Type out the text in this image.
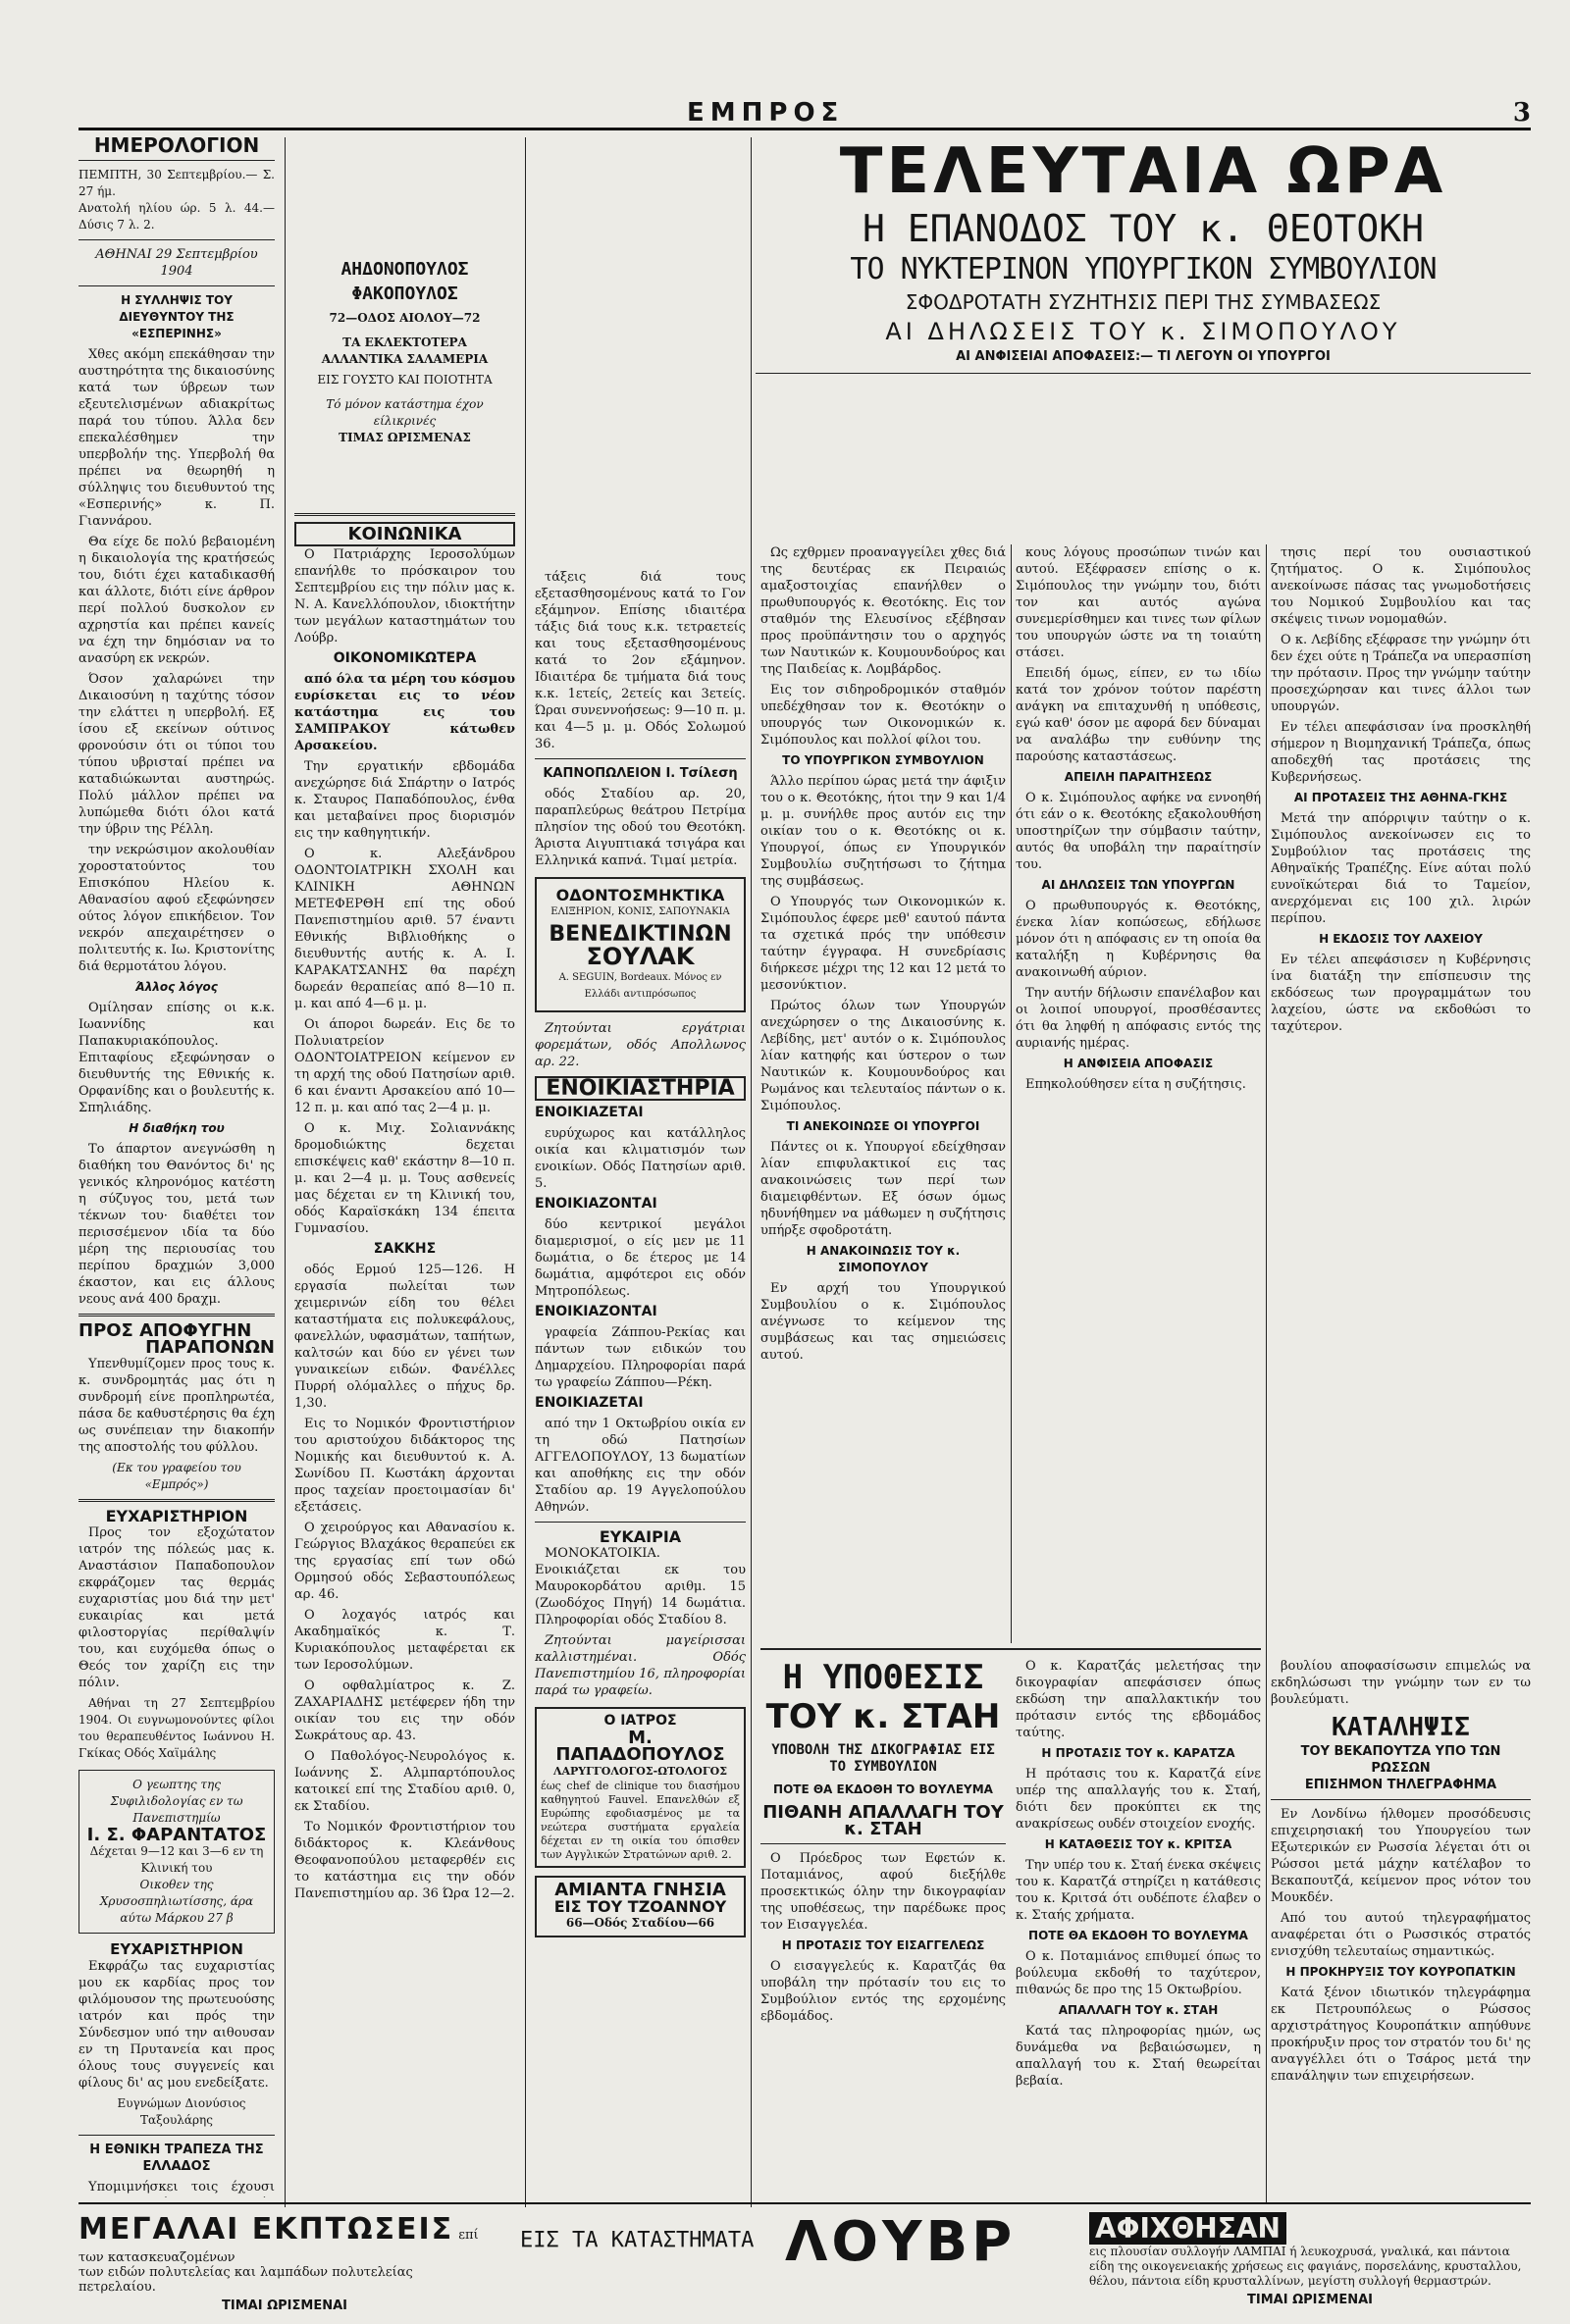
ΕΜΠΡΟΣ	3
ΗΜΕΡΟΛΟΓΙΟΝ
ΠΕΜΠΤΗ, 30 Σεπτεμβρίου.— Σ. 27 ήμ.
Ανατολή ηλίου ώρ. 5 λ. 44.— Δύσις 7 λ. 2.
ΑΘΗΝΑΙ 29 Σεπτεμβρίου 1904
Η ΣΥΛΛΗΨΙΣ ΤΟΥ ΔΙΕΥΘΥΝΤΟΥ ΤΗΣ «ΕΣΠΕΡΙΝΗΣ»

Χθες ακόμη επεκάθησαν την αυστηρότητα της δικαιοσύνης κατά των ύβρεων των εξευτελισμένων αδιακρίτως παρά του τύπου. Άλλα δεν επεκαλέσθημεν την υπερβολήν της. Υπερβολή θα πρέπει να θεωρηθή η σύλληψις του διευθυντού της «Εσπερινής» κ. Π. Γιαννάρου.

Θα είχε δε πολύ βεβαιομένη η δικαιολογία της κρατήσεώς του, διότι έχει καταδικασθή και άλλοτε, διότι είνε άρθρον περί πολλού δυσκολον εν αχρηστία και πρέπει κανείς να έχη την δημόσιαν να το ανασύρη εκ νεκρών.

Όσον χαλαρώνει την Δικαιοσύνη η ταχύτης τόσον την ελάττει η υπερβολή. Εξ ίσου εξ εκείνων ούτινος φρονούσιν ότι οι τύποι του τύπου υβρισταί πρέπει να καταδιώκωνται αυστηρώς. Πολύ μάλλον πρέπει να λυπώμεθα διότι όλοι κατά την ύβριν της Ρέλλη.

την νεκρώσιμον ακολουθίαν χοροστατούντος του Επισκόπου Ηλείου κ. Αθανασίου αφού εξεφώνησεν ούτος λόγον επικήδειον. Τον νεκρόν απεχαιρέτησεν ο πολιτευτής κ. Ιω. Κριστονίτης διά θερμοτάτου λόγου.

Άλλος λόγος

Ομίλησαν επίσης οι κ.κ. Ιωαννίδης και Παπακυριακόπουλος. Επιταφίους εξεφώνησαν ο διευθυντής της Εθνικής κ. Ορφανίδης και ο βουλευτής κ. Σπηλιάδης.

Η διαθήκη του

Το άπαρτον ανεγνώσθη η διαθήκη του Θανόντος δι' ης γενικός κληρονόμος κατέστη η σύζυγος του, μετά των τέκνων του· διαθέτει τον περισσέμενον ιδία τα δύο μέρη της περιουσίας του περίπου δραχμών 3,000 έκαστον, και εις άλλους νεους ανά 400 δραχμ.

ΠΡΟΣ ΑΠΟΦΥΓΗΝ
ΠΑΡΑΠΟΝΩΝ

Υπενθυμίζομεν προς τους κ. κ. συνδρομητάς μας ότι η συνδρομή είνε προπληρωτέα, πάσα δε καθυστέρησις θα έχη ως συνέπειαν την διακοπήν της αποστολής του φύλλου.

(Εκ του γραφείου του «Εμπρός»)
ΕΥΧΑΡΙΣΤΗΡΙΟΝ

Προς τον εξοχώτατον ιατρόν της πόλεώς μας κ. Αναστάσιον Παπαδοπουλον εκφράζομεν τας θερμάς ευχαριστίας μου διά την μετ' ευκαιρίας και μετά φιλοστοργίας περίθαλψίν του, και ευχόμεθα όπως ο Θεός τον χαρίζη εις την πόλιν.

Αθήναι τη 27 Σεπτεμβρίου 1904. Οι ευγνωμονούντες φίλοι του θεραπευθέντος Ιωάννου Η. Γκίκας Οδός Χαϊμάλης

Ο γεωπτης της Συφιλιδολογίας εν τω Πανεπιστημίω
Ι. Σ. ΦΑΡΑΝΤΑΤΟΣ
Δέχεται 9—12 και 3—6 εν τη Κλινική του
Οικοθεν της Χρυσοσπηλιωτίσσης, άρα αύτω Μάρκου 27 β
ΕΥΧΑΡΙΣΤΗΡΙΟΝ

Εκφράζω τας ευχαριστίας μου εκ καρδίας προς τον φιλόμουσον της πρωτευούσης ιατρόν και πρός την Σύνδεσμον υπό την αιθουσαν εν τη Πρυτανεία και προς όλους τους συγγενείς και φίλους δι' ας μου ενεδείξατε.

Ευγνώμων Διονύσιος Ταξουλάρης

Η ΕΘΝΙΚΗ ΤΡΑΠΕΖΑ ΤΗΣ ΕΛΛΑΔΟΣ

Υπομιμνήσκει τοις έχουσι

ΑΗΔΟΝΟΠΟΥΛΟΣ
ΦΑΚΟΠΟΥΛΟΣ
72—ΟΔΟΣ ΑΙΟΛΟΥ—72
ΤΑ ΕΚΛΕΚΤΟΤΕΡΑ ΑΛΛΑΝΤΙΚΑ ΣΑΛΑΜΕΡΙΑ
ΕΙΣ ΓΟΥΣΤΟ ΚΑΙ ΠΟΙΟΤΗΤΑ
Τό μόνον κατάστημα έχον είλικρινές
ΤΙΜΑΣ ΩΡΙΣΜΕΝΑΣ
ΚΟΙΝΩΝΙΚΑ

Ο Πατριάρχης Ιεροσολύμων επανήλθε το πρόσκαιρον του Σεπτεμβρίου εις την πόλιν μας κ. Ν. Α. Κανελλόπουλον, ιδιοκτήτην των μεγάλων καταστημάτων του Λούβρ.

ΟΙΚΟΝΟΜΙΚΩΤΕΡΑ

από όλα τα μέρη του κόσμου ευρίσκεται εις το νέον κατάστημα εις του ΣΑΜΠΡΑΚΟΥ κάτωθεν Αρσακείου.

Την εργατικήν εβδομάδα ανεχώρησε διά Σπάρτην ο Ιατρός κ. Σταυρος Παπαδόπουλος, ένθα και μεταβαίνει προς διορισμόν εις την καθηγητικήν.

Ο κ. Αλεξάνδρου ΟΔΟΝΤΟΙΑΤΡΙΚΗ ΣΧΟΛΗ και ΚΛΙΝΙΚΗ ΑΘΗΝΩΝ ΜΕΤΕΦΕΡΘΗ επί της οδού Πανεπιστημίου αριθ. 57 έναντι Εθνικής Βιβλιοθήκης ο διευθυντής αυτής κ. Α. Ι. ΚΑΡΑΚΑΤΣΑΝΗΣ θα παρέχη δωρεάν θεραπείας από 8—10 π. μ. και από 4—6 μ. μ.

Οι άποροι δωρεάν. Εις δε το Πολυιατρείον ΟΔΟΝΤΟΙΑΤΡΕΙΟΝ κείμενον εν τη αρχή της οδού Πατησίων αριθ. 6 και έναντι Αρσακείου από 10—12 π. μ. και από τας 2—4 μ. μ.

Ο κ. Μιχ. Σολιαννάκης δρομοδιώκτης δεχεται επισκέψεις καθ' εκάστην 8—10 π. μ. και 2—4 μ. μ. Τους ασθενείς μας δέχεται εν τη Κλινική του, οδός Καραϊσκάκη 134 έπειτα Γυμνασίου.

ΣΑΚΚΗΣ

οδός Ερμού 125—126. Η εργασία πωλείται των χειμερινών είδη του θέλει καταστήματα εις πολυκεφάλους, φανελλών, υφασμάτων, ταπήτων, καλτσών και δύο εν γένει των γυναικείων ειδών. Φανέλλες Πυρρή ολόμαλλες ο πήχυς δρ. 1,30.

Εις το Νομικόν Φροντιστήριον του αριστούχου διδάκτορος της Νομικής και διευθυντού κ. Α. Σωνίδου Π. Κωστάκη άρχονται προς ταχείαν προετοιμασίαν δι' εξετάσεις.

Ο χειρούργος και Αθανασίου κ. Γεώργιος Βλαχάκος θεραπεύει εκ της εργασίας επί των οδώ Ορμησού οδός Σεβαστουπόλεως αρ. 46.

Ο λοχαγός ιατρός και Ακαδημαϊκός κ. Τ. Κυριακόπουλος μεταφέρεται εκ των Ιεροσολύμων.

Ο οφθαλμίατρος κ. Ζ. ΖΑΧΑΡΙΑΔΗΣ μετέφερεν ήδη την οικίαν του εις την οδόν Σωκράτους αρ. 43.

Ο Παθολόγος-Νευρολόγος κ. Ιωάννης Σ. Αλμπαρτόπουλος κατοικεί επί της Σταδίου αριθ. 0, εκ Σταδίου.

Το Νομικόν Φροντιστήριον του διδάκτορος κ. Κλεάνθους Θεοφανοπούλου μεταφερθέν εις το κατάστημα εις την οδόν Πανεπιστημίου αρ. 36 Ώρα 12—2.

τάξεις διά τους εξετασθησομένους κατά το Γον εξάμηνον. Επίσης ιδιαιτέρα τάξις διά τους κ.κ. τετραετείς και τους εξετασθησομένους κατά το 2ον εξάμηνον. Ιδιαιτέρα δε τμήματα διά τους κ.κ. 1ετείς, 2ετείς και 3ετείς. Ώραι συνεννοήσεως: 9—10 π. μ. και 4—5 μ. μ. Οδός Σολωμού 36.

ΚΑΠΝΟΠΩΛΕΙΟΝ Ι. Τσίλεση

οδός Σταδίου αρ. 20, παραπλεύρως θεάτρου Πετρίμα πλησίον της οδού του Θεοτόκη. Άριστα Αιγυπτιακά τσιγάρα και Ελληνικά καπνά. Τιμαί μετρία.

ΟΔΟΝΤΟΣΜΗΚΤΙΚΑ
ΕΛΙΞΗΡΙΟΝ, ΚΟΝΙΣ, ΣΑΠΟΥΝΑΚΙΑ
ΒΕΝΕΔΙΚΤΙΝΩΝ
ΣΟΥΛΑΚ
A. SEGUIN, Bordeaux. Μόνος εν Ελλάδι αντιπρόσωπος

Ζητούνται εργάτριαι φορεμάτων, οδός Απολλωνος αρ. 22.

ΕΝΟΙΚΙΑΣΤΗΡΙΑ
ΕΝΟΙΚΙΑΖΕΤΑΙ

ευρύχωρος και κατάλληλος οικία και κλιματισμόν των ενοικίων. Οδός Πατησίων αριθ. 5.

ΕΝΟΙΚΙΑΖΟΝΤΑΙ

δύο κεντρικοί μεγάλοι διαμερισμοί, ο είς μεν με 11 δωμάτια, ο δε έτερος με 14 δωμάτια, αμφότεροι εις οδόν Μητροπόλεως.

ΕΝΟΙΚΙΑΖΟΝΤΑΙ

γραφεία Ζάππου-Ρεκίας και πάντων των ειδικών του Δημαρχείου. Πληροφορίαι παρά τω γραφείω Ζάππου—Ρέκη.

ΕΝΟΙΚΙΑΖΕΤΑΙ

από την 1 Οκτωβρίου οικία εν τη οδώ Πατησίων ΑΓΓΕΛΟΠΟΥΛΟΥ, 13 δωματίων και αποθήκης εις την οδόν Σταδίου αρ. 19 Αγγελοπούλου Αθηνών.

ΕΥΚΑΙΡΙΑ

ΜΟΝΟΚΑΤΟΙΚΙΑ. Ενοικιάζεται εκ του Μαυροκορδάτου αριθμ. 15 (Ζωοδόχος Πηγή) 14 δωμάτια. Πληροφορίαι οδός Σταδίου 8.

Ζητούνται μαγείρισσαι καλλιστημέναι. Οδός Πανεπιστημίου 16, πληροφορίαι παρά τω γραφείω.

Ο ΙΑΤΡΟΣ
Μ. ΠΑΠΑΔΟΠΟΥΛΟΣ
ΛΑΡΥΓΓΟΛΟΓΟΣ-ΩΤΟΛΟΓΟΣ
έως chef de clinique του διασήμου καθηγητού Fauvel. Επανελθών εξ Ευρώπης εφοδιασμένος με τα νεώτερα συστήματα εργαλεία δέχεται εν τη οικία του όπισθεν των Αγγλικών Στρατώνων αριθ. 2.
ΑΜΙΑΝΤΑ ΓΝΗΣΙΑ
ΕΙΣ ΤΟΥ ΤΖΟΑΝΝΟΥ
66—Οδός Σταδίου—66
ΤΕΛΕΥΤΑΙΑ ΩΡΑ
Η ΕΠΑΝΟΔΟΣ ΤΟΥ κ. ΘΕΟΤΟΚΗ
ΤΟ ΝΥΚΤΕΡΙΝΟΝ ΥΠΟΥΡΓΙΚΟΝ ΣΥΜΒΟΥΛΙΟΝ
ΣΦΟΔΡΟΤΑΤΗ ΣΥΖΗΤΗΣΙΣ ΠΕΡΙ ΤΗΣ ΣΥΜΒΑΣΕΩΣ
ΑΙ ΔΗΛΩΣΕΙΣ ΤΟΥ κ. ΣΙΜΟΠΟΥΛΟΥ
ΑΙ ΑΝΦΙΣΕΙΑΙ ΑΠΟΦΑΣΕΙΣ:— ΤΙ ΛΕΓΟΥΝ ΟΙ ΥΠΟΥΡΓΟΙ

Ως εχθρμεν προαναγγείλει χθες διά της δευτέρας εκ Πειραιώς αμαξοστοιχίας επανήλθεν ο πρωθυπουργός κ. Θεοτόκης. Εις τον σταθμόν της Ελευσίνος εξέβησαν προς προϋπάντησιν του ο αρχηγός των Ναυτικών κ. Κουμουνδούρος και της Παιδείας κ. Λομβάρδος.

Εις τον σιδηροδρομικόν σταθμόν υπεδέχθησαν τον κ. Θεοτόκην ο υπουργός των Οικονομικών κ. Σιμόπουλος και πολλοί φίλοι του.

ΤΟ ΥΠΟΥΡΓΙΚΟΝ ΣΥΜΒΟΥΛΙΟΝ

Άλλο περίπου ώρας μετά την άφιξιν του ο κ. Θεοτόκης, ήτοι την 9 και 1/4 μ. μ. συνήλθε προς αυτόν εις την οικίαν του ο κ. Θεοτόκης οι κ. Υπουργοί, όπως εν Υπουργικόν Συμβουλίω συζητήσωσι το ζήτημα της συμβάσεως.

Ο Υπουργός των Οικονομικών κ. Σιμόπουλος έφερε μεθ' εαυτού πάντα τα σχετικά πρός την υπόθεσιν ταύτην έγγραφα. Η συνεδρίασις διήρκεσε μέχρι της 12 και 12 μετά το μεσονύκτιον.

Πρώτος όλων των Υπουργών ανεχώρησεν ο της Δικαιοσύνης κ. Λεβίδης, μετ' αυτόν ο κ. Σιμόπουλος λίαν κατηφής και ύστερον ο των Ναυτικών κ. Κουμουνδούρος και Ρωμάνος και τελευταίος πάντων ο κ. Σιμόπουλος.

ΤΙ ΑΝΕΚΟΙΝΩΣΕ ΟΙ ΥΠΟΥΡΓΟΙ

Πάντες οι κ. Υπουργοί εδείχθησαν λίαν επιφυλακτικοί εις τας ανακοινώσεις των περί των διαμειφθέντων. Εξ όσων όμως ηδυνήθημεν να μάθωμεν η συζήτησις υπήρξε σφοδροτάτη.

Η ΑΝΑΚΟΙΝΩΣΙΣ ΤΟΥ κ. ΣΙΜΟΠΟΥΛΟΥ

Εν αρχή του Υπουργικού Συμβουλίου ο κ. Σιμόπουλος ανέγνωσε το κείμενον της συμβάσεως και τας σημειώσεις αυτού.

κους λόγους προσώπων τινών και αυτού. Εξέφρασεν επίσης ο κ. Σιμόπουλος την γνώμην του, διότι τον και αυτός αγώνα συνεμερίσθημεν και τινες των φίλων του υπουργών ώστε να τη τοιαύτη στάσει.

Επειδή όμως, είπεν, εν τω ιδίω κατά τον χρόνον τούτον παρέστη ανάγκη να επιταχυνθή η υπόθεσις, εγώ καθ' όσον με αφορά δεν δύναμαι να αναλάβω την ευθύνην της παρούσης καταστάσεως.

ΑΠΕΙΛΗ ΠΑΡΑΙΤΗΣΕΩΣ

Ο κ. Σιμόπουλος αφήκε να εννοηθή ότι εάν ο κ. Θεοτόκης εξακολουθήση υποστηρίζων την σύμβασιν ταύτην, αυτός θα υποβάλη την παραίτησίν του.

ΑΙ ΔΗΛΩΣΕΙΣ ΤΩΝ ΥΠΟΥΡΓΩΝ

Ο πρωθυπουργός κ. Θεοτόκης, ένεκα λίαν κοπώσεως, εδήλωσε μόνον ότι η απόφασις εν τη οποία θα καταλήξη η Κυβέρνησις θα ανακοινωθή αύριον.

Την αυτήν δήλωσιν επανέλαβον και οι λοιποί υπουργοί, προσθέσαντες ότι θα ληφθή η απόφασις εντός της αυριανής ημέρας.

Η ΑΝΦΙΣΕΙΑ ΑΠΟΦΑΣΙΣ

Επηκολούθησεν είτα η συζήτησις.

τησις περί του ουσιαστικού ζητήματος. Ο κ. Σιμόπουλος ανεκοίνωσε πάσας τας γνωμοδοτήσεις του Νομικού Συμβουλίου και τας σκέψεις τινων νομομαθών.

Ο κ. Λεβίδης εξέφρασε την γνώμην ότι δεν έχει ούτε η Τράπεζα να υπερασπίση την πρότασιν. Προς την γνώμην ταύτην προσεχώρησαν και τινες άλλοι των υπουργών.

Εν τέλει απεφάσισαν ίνα προσκληθή σήμερον η Βιομηχανική Τράπεζα, όπως αποδεχθή τας προτάσεις της Κυβερνήσεως.

ΑΙ ΠΡΟΤΑΣΕΙΣ ΤΗΣ ΑΘΗΝΑ-ΓΚΗΣ

Μετά την απόρριψιν ταύτην ο κ. Σιμόπουλος ανεκοίνωσεν εις το Συμβούλιον τας προτάσεις της Αθηναϊκής Τραπέζης. Είνε αύται πολύ ευνοϊκώτεραι διά το Ταμείον, ανερχόμεναι εις 100 χιλ. λιρών περίπου.

Η ΕΚΔΟΣΙΣ ΤΟΥ ΛΑΧΕΙΟΥ

Εν τέλει απεφάσισεν η Κυβέρνησις ίνα διατάξη την επίσπευσιν της εκδόσεως των προγραμμάτων του λαχείου, ώστε να εκδοθώσι το ταχύτερον.

Η ΥΠΟΘΕΣΙΣ
ΤΟΥ κ. ΣΤΑΗ
ΥΠΟΒΟΛΗ ΤΗΣ ΔΙΚΟΓΡΑΦΙΑΣ ΕΙΣ ΤΟ ΣΥΜΒΟΥΛΙΟΝ
ΠΟΤΕ ΘΑ ΕΚΔΟΘΗ ΤΟ ΒΟΥΛΕΥΜΑ
ΠΙΘΑΝΗ ΑΠΑΛΛΑΓΗ ΤΟΥ κ. ΣΤΑΗ

Ο Πρόεδρος των Εφετών κ. Ποταμιάνος, αφού διεξήλθε προσεκτικώς όλην την δικογραφίαν της υποθέσεως, την παρέδωκε προς τον Εισαγγελέα.

Η ΠΡΟΤΑΣΙΣ ΤΟΥ ΕΙΣΑΓΓΕΛΕΩΣ

Ο εισαγγελεύς κ. Καρατζάς θα υποβάλη την πρότασίν του εις το Συμβούλιον εντός της ερχομένης εβδομάδος.

Ο κ. Καρατζάς μελετήσας την δικογραφίαν απεφάσισεν όπως εκδώση την απαλλακτικήν του πρότασιν εντός της εβδομάδος ταύτης.

Η ΠΡΟΤΑΣΙΣ ΤΟΥ κ. ΚΑΡΑΤΖΑ

Η πρότασις του κ. Καρατζά είνε υπέρ της απαλλαγής του κ. Σταή, διότι δεν προκύπτει εκ της ανακρίσεως ουδέν στοιχείον ενοχής.

Η ΚΑΤΑΘΕΣΙΣ ΤΟΥ κ. ΚΡΙΤΣΑ

Την υπέρ του κ. Σταή ένεκα σκέψεις του κ. Καρατζά στηρίζει η κατάθεσις του κ. Κριτσά ότι ουδέποτε έλαβεν ο κ. Σταής χρήματα.

ΠΟΤΕ ΘΑ ΕΚΔΟΘΗ ΤΟ ΒΟΥΛΕΥΜΑ

Ο κ. Ποταμιάνος επιθυμεί όπως το βούλευμα εκδοθή το ταχύτερον, πιθανώς δε προ της 15 Οκτωβρίου.

ΑΠΑΛΛΑΓΗ ΤΟΥ κ. ΣΤΑΗ

Κατά τας πληροφορίας ημών, ως δυνάμεθα να βεβαιώσωμεν, η απαλλαγή του κ. Σταή θεωρείται βεβαία.

βουλίου αποφασίσωσιν επιμελώς να εκδηλώσωσι την γνώμην των εν τω βουλεύματι.

ΚΑΤΑΛΗΨΙΣ
ΤΟΥ ΒΕΚΑΠΟΥΤΖΑ ΥΠΟ ΤΩΝ ΡΩΣΣΩΝ
ΕΠΙΣΗΜΟΝ ΤΗΛΕΓΡΑΦΗΜΑ

Εν Λονδίνω ήλθομεν προσόδευσις επιχειρησιακή του Υπουργείου των Εξωτερικών εν Ρωσσία λέγεται ότι οι Ρώσσοι μετά μάχην κατέλαβον το Βεκαπουτζά, κείμενον προς νότον του Μουκδέν.

Από του αυτού τηλεγραφήματος αναφέρεται ότι ο Ρωσσικός στρατός ενισχύθη τελευταίως σημαντικώς.

Η ΠΡΟΚΗΡΥΞΙΣ ΤΟΥ ΚΟΥΡΟΠΑΤΚΙΝ

Κατά ξένον ιδιωτικόν τηλεγράφημα εκ Πετρουπόλεως ο Ρώσσος αρχιστράτηγος Κουροπάτκιν απηύθυνε προκήρυξιν προς τον στρατόν του δι' ης αναγγέλλει ότι ο Τσάρος μετά την επανάληψιν των επιχειρήσεων.

ΜΕΓΑΛΑΙ ΕΚΠΤΩΣΕΙΣ επί των κατασκευαζομένων
των ειδών πολυτελείας και λαμπάδων πολυτελείας πετρελαίου.
ΤΙΜΑΙ ΩΡΙΣΜΕΝΑΙ
ΕΙΣ ΤΑ ΚΑΤΑΣΤΗΜΑΤΑ ΛΟΥΒΡ	ΑΦΙΧΘΗΣΑΝ
εις πλουσίαν συλλογήν ΛΑΜΠΑΙ ή λευκοχρυσά, γναλικά, και πάντοια είδη της οικογενειακής χρήσεως εις φαγιάνς, πορσελάνης, κρυσταλλου, θέλου, πάντοια είδη κρυσταλλίνων, μεγίστη συλλογή θερμαστρών.
ΤΙΜΑΙ ΩΡΙΣΜΕΝΑΙ
